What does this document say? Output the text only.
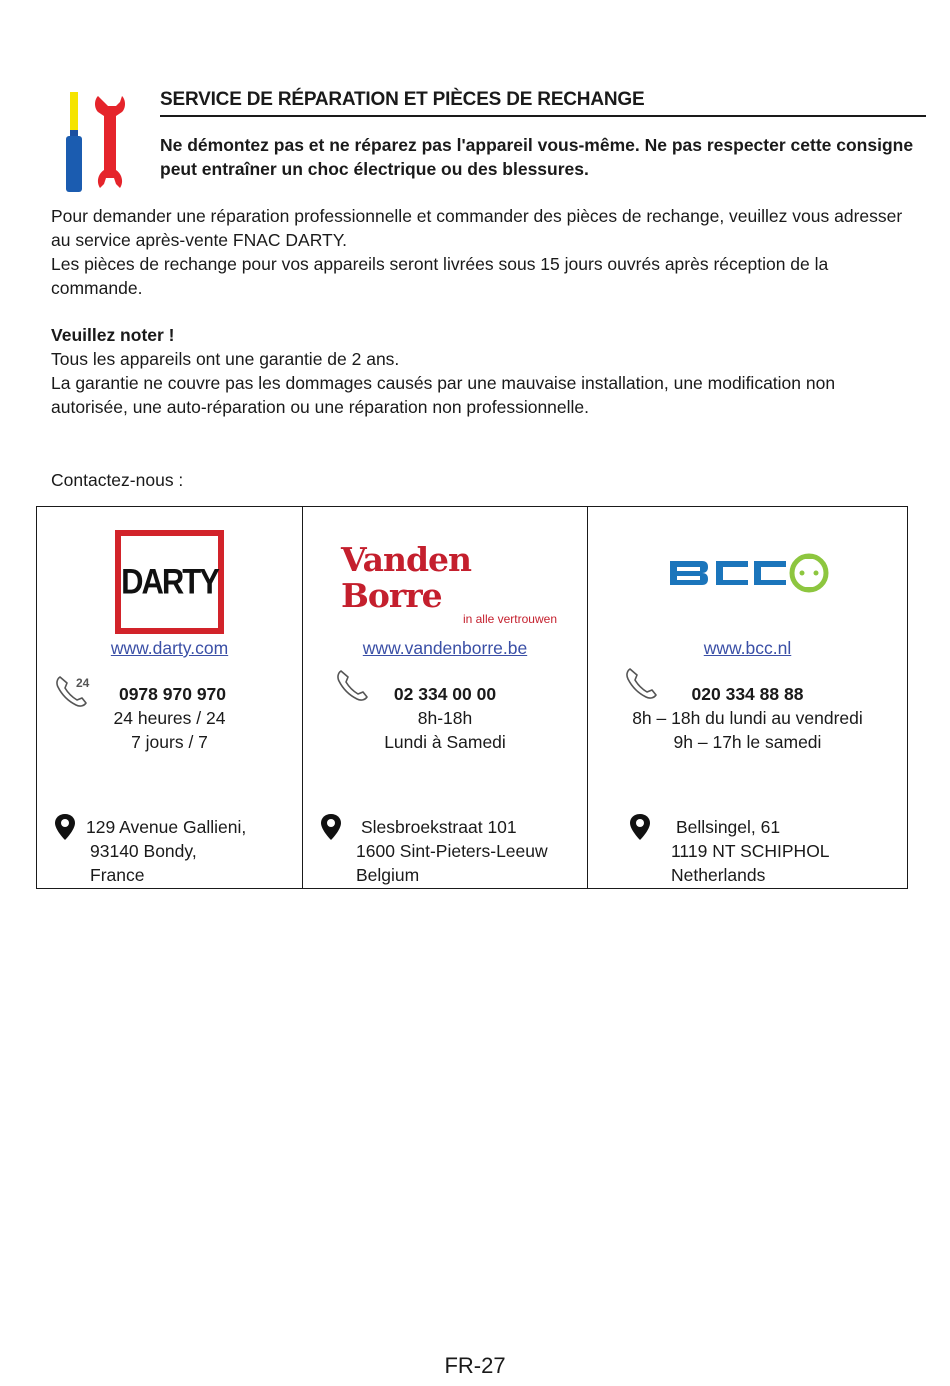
SERVICE DE RÉPARATION ET PIÈCES DE RECHANGE
Ne démontez pas et ne réparez pas l'appareil vous-même. Ne pas respecter cette consigne peut entraîner un choc électrique ou des blessures.

Pour demander une réparation professionnelle et commander des pièces de rechange, veuillez vous adresser au service après-vente FNAC DARTY.

Les pièces de rechange pour vos appareils seront livrées sous 15 jours ouvrés après réception de la commande.

Veuillez noter !

Tous les appareils ont une garantie de 2 ans.

La garantie ne couvre pas les dommages causés par une mauvaise installation, une modification non autorisée, une auto-réparation ou une réparation non professionnelle.

Contactez-nous :

DARTY
www.darty.com
24
0978 970 970
24 heures / 24
7 jours / 7
129 Avenue Gallieni,
93140 Bondy,
France
Vanden Borre
in alle vertrouwen
www.vandenborre.be
02 334 00 00
8h-18h
Lundi à Samedi
Slesbroekstraat 101
1600 Sint-Pieters-Leeuw
Belgium
www.bcc.nl
020 334 88 88
8h – 18h du lundi au vendredi
9h – 17h le samedi
Bellsingel, 61
1119 NT SCHIPHOL
Netherlands
FR-27
